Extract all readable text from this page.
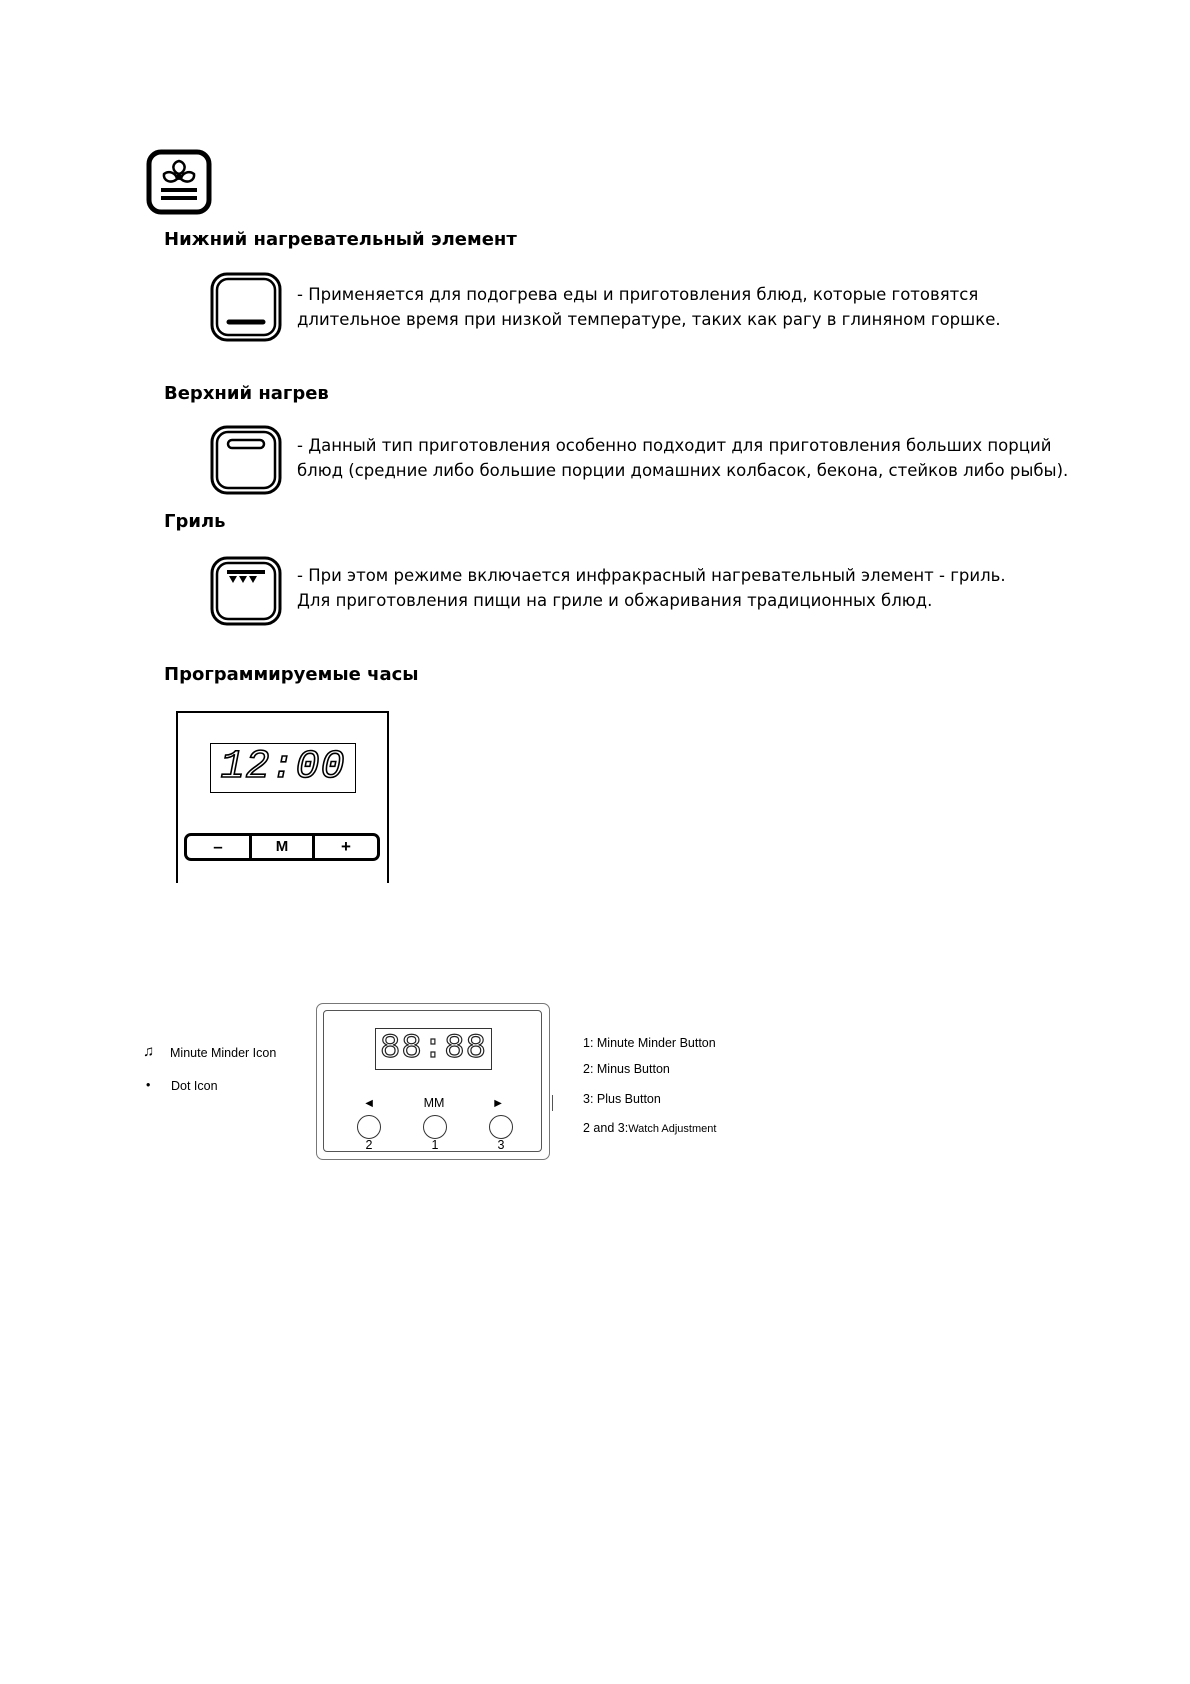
Нижний нагревательный элемент
- Применяется для подогрева еды и приготовления блюд, которые готовятся
длительное время при низкой температуре, таких как рагу в глиняном горшке.
Верхний нагрев
- Данный тип приготовления особенно подходит для приготовления больших порций
блюд (средние либо большие порции домашних колбасок, бекона, стейков либо рыбы).
Гриль
- При этом режиме включается инфракрасный нагревательный элемент - гриль.
Для приготовления пищи на гриле и обжаривания традиционных блюд.
Программируемые часы
12:00
–	M	+
♫ Minute Minder Icon
• Dot Icon
88:88
◄	MM	►
2	1	3
1: Minute Minder Button
2: Minus Button
3: Plus Button
2 and 3:Watch Adjustment
